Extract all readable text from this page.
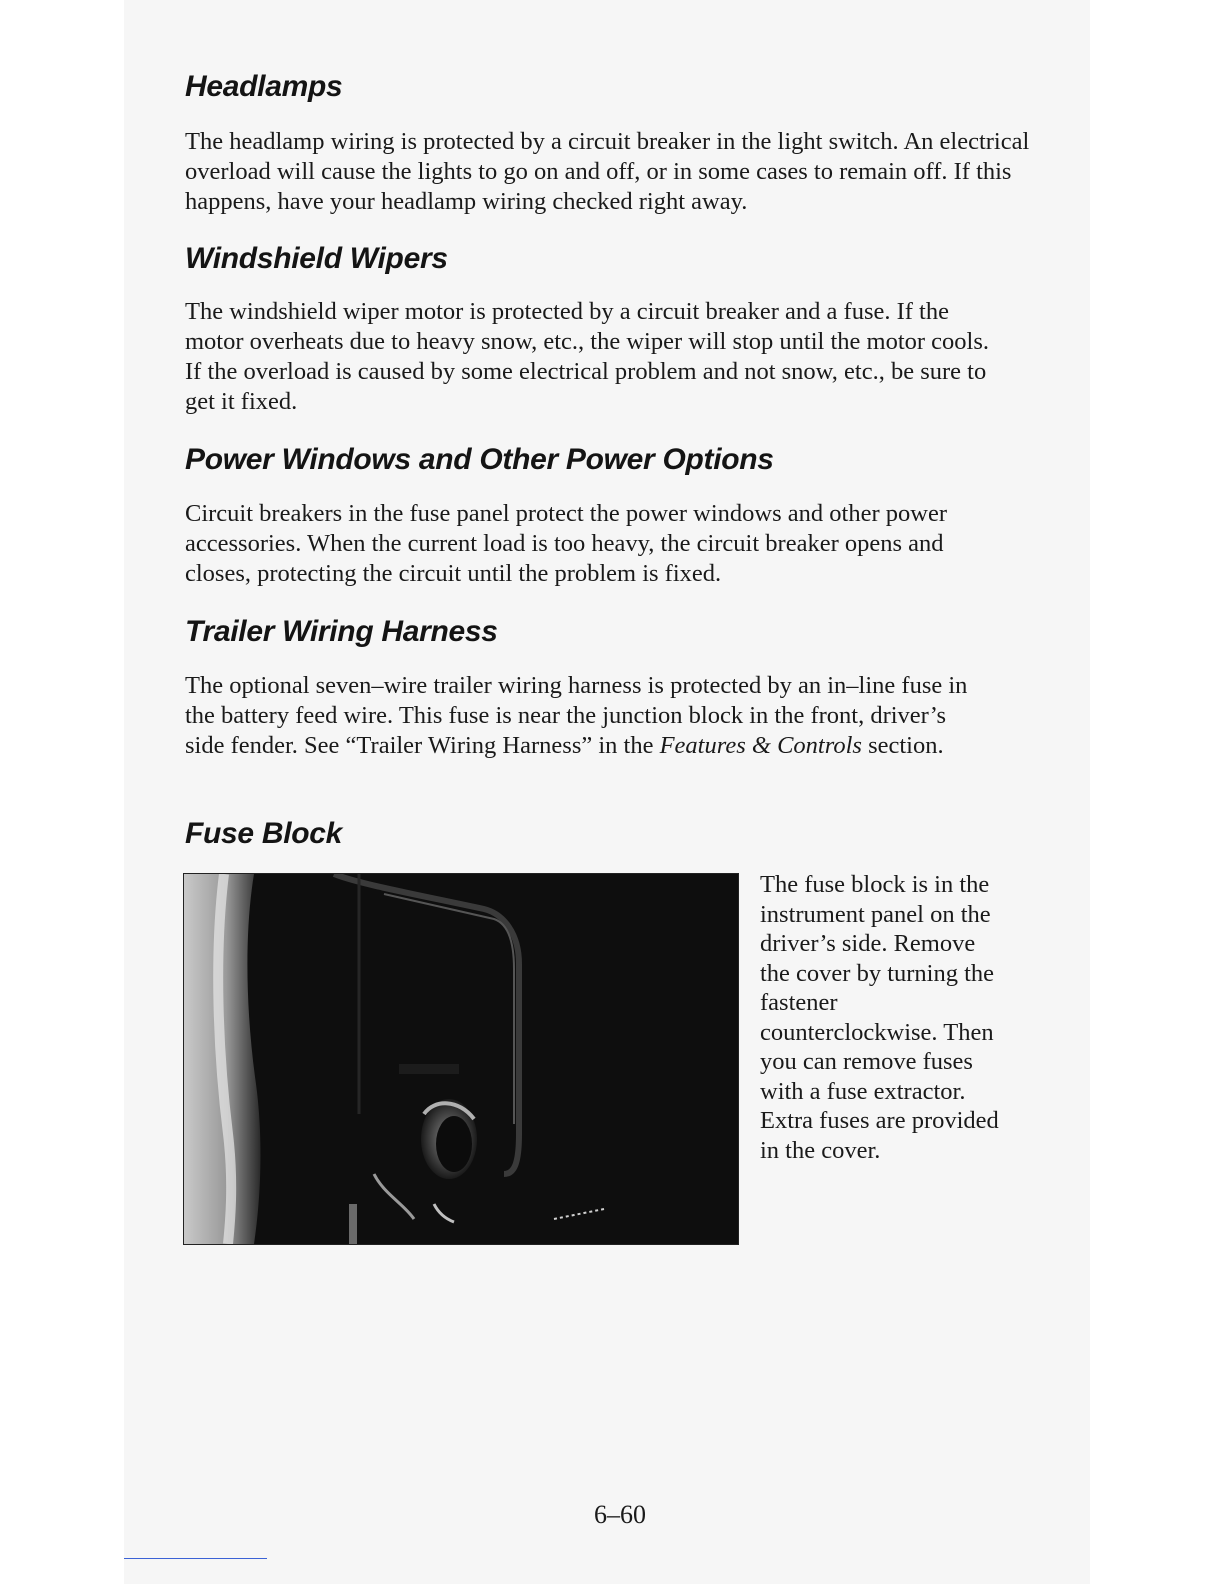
Headlamps

The headlamp wiring is protected by a circuit breaker in the light switch. An electrical overload will cause the lights to go on and off, or in some cases to remain off. If this happens, have your headlamp wiring checked right away.

Windshield Wipers

The windshield wiper motor is protected by a circuit breaker and a fuse. If the motor overheats due to heavy snow, etc., the wiper will stop until the motor cools. If the overload is caused by some electrical problem and not snow, etc., be sure to get it fixed.

Power Windows and Other Power Options

Circuit breakers in the fuse panel protect the power windows and other power accessories. When the current load is too heavy, the circuit breaker opens and closes, protecting the circuit until the problem is fixed.

Trailer Wiring Harness

The optional seven–wire trailer wiring harness is protected by an in–line fuse in the battery feed wire. This fuse is near the junction block in the front, driver’s side fender. See “Trailer Wiring Harness” in the Features & Controls section.

Fuse Block

The fuse block is in the instrument panel on the driver’s side. Remove the cover by turning the fastener counterclockwise. Then you can remove fuses with a fuse extractor. Extra fuses are provided in the cover.

6–60
